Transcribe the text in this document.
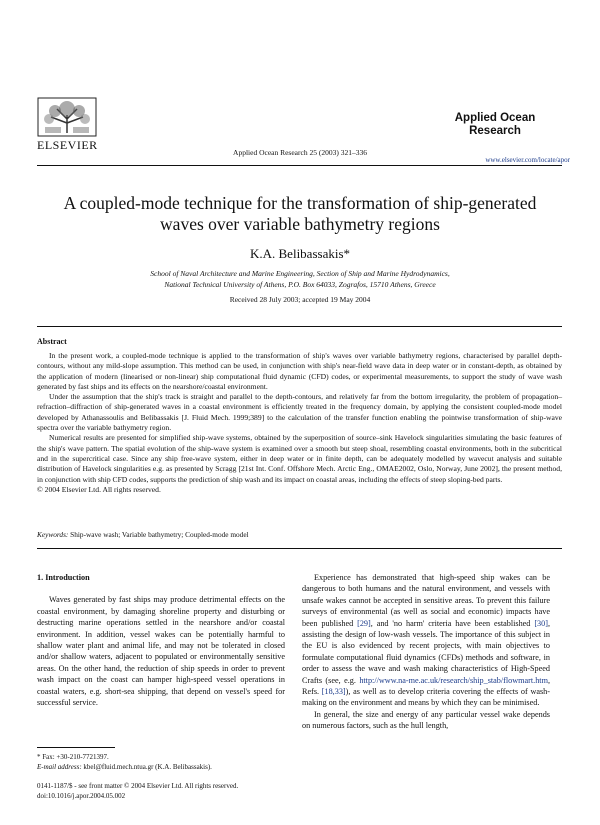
ELSEVIER
Applied Ocean Research 25 (2003) 321–336
Applied Ocean
Research
www.elsevier.com/locate/apor
A coupled-mode technique for the transformation of ship-generated waves over variable bathymetry regions
K.A. Belibassakis*
School of Naval Architecture and Marine Engineering, Section of Ship and Marine Hydrodynamics,
National Technical University of Athens, P.O. Box 64033, Zografos, 15710 Athens, Greece
Received 28 July 2003; accepted 19 May 2004
Abstract

In the present work, a coupled-mode technique is applied to the transformation of ship's waves over variable bathymetry regions, characterised by parallel depth-contours, without any mild-slope assumption. This method can be used, in conjunction with ship's near-field wave data in deep water or in constant-depth, as obtained by the application of modern (linearised or non-linear) ship computational fluid dynamic (CFD) codes, or experimental measurements, to support the study of wave wash generated by fast ships and its effects on the nearshore/coastal environment.

Under the assumption that the ship's track is straight and parallel to the depth-contours, and relatively far from the bottom irregularity, the problem of propagation–refraction–diffraction of ship-generated waves in a coastal environment is efficiently treated in the frequency domain, by applying the consistent coupled-mode model developed by Athanassoulis and Belibassakis [J. Fluid Mech. 1999;389] to the calculation of the transfer function enabling the pointwise transformation of ship-wave spectra over the variable bathymetry region.

Numerical results are presented for simplified ship-wave systems, obtained by the superposition of source–sink Havelock singularities simulating the basic features of the ship's wave pattern. The spatial evolution of the ship-wave system is examined over a smooth but steep shoal, resembling coastal environments, both in the subcritical and in the supercritical case. Since any ship free-wave system, either in deep water or in finite depth, can be adequately modelled by wavecut analysis and suitable distribution of Havelock singularities e.g. as presented by Scragg [21st Int. Conf. Offshore Mech. Arctic Eng., OMAE2002, Oslo, Norway, June 2002], the present method, in conjunction with ship CFD codes, supports the prediction of ship wash and its impact on coastal areas, including the effects of steep sloping-bed parts.

© 2004 Elsevier Ltd. All rights reserved.

Keywords: Ship-wave wash; Variable bathymetry; Coupled-mode model

1. Introduction

Waves generated by fast ships may produce detrimental effects on the coastal environment, by damaging shoreline property and disturbing or destructing marine operations settled in the nearshore and/or coastal environment. In addition, vessel wakes can be potentially harmful to shallow water plant and animal life, and may not be tolerated in closed and/or shallow waters, adjacent to populated or environmentally sensitive areas. On the other hand, the reduction of ship speeds in order to prevent wash impact on the coast can hamper high-speed vessel operations in coastal waters, e.g. short-sea shipping, that depend on vessel's speed for successful service.

Experience has demonstrated that high-speed ship wakes can be dangerous to both humans and the natural environment, and vessels with unsafe wakes cannot be accepted in sensitive areas. To prevent this failure surveys of environmental (as well as social and economic) impacts have been published [29], and 'no harm' criteria have been established [30], assisting the design of low-wash vessels. The importance of this subject in the EU is also evidenced by recent projects, with main objectives to formulate computational fluid dynamics (CFDs) methods and software, in order to assess the wave and wash making characteristics of High-Speed Crafts (see, e.g. http://www.na-me.ac.uk/research/ship_stab/flowmart.htm, Refs. [18,33]), as well as to develop criteria covering the effects of wash-making on the environment and means by which they can be minimised.

In general, the size and energy of any particular vessel wake depends on numerous factors, such as the hull length,

* Fax: +30-210-7721397.
E-mail address: kbel@fluid.mech.ntua.gr (K.A. Belibassakis).
0141-1187/$ - see front matter © 2004 Elsevier Ltd. All rights reserved.
doi:10.1016/j.apor.2004.05.002
